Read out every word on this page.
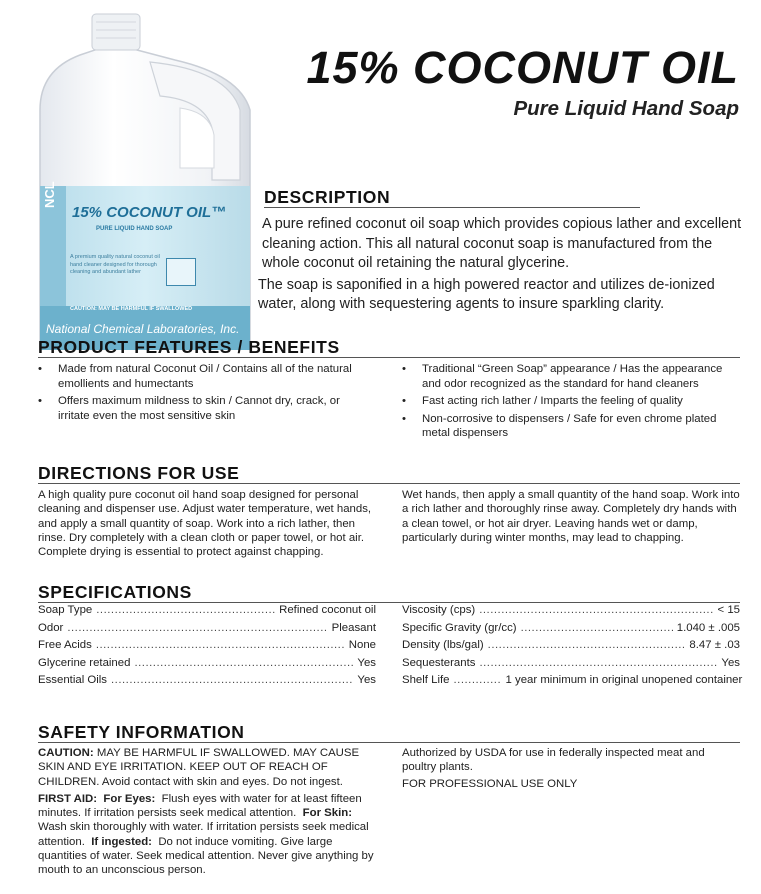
NCL
15% COCONUT OIL™
PURE LIQUID HAND SOAP
A premium quality natural coconut oil hand cleaner designed for thorough cleaning and abundant lather
CAUTION: MAY BE HARMFUL IF SWALLOWED
National Chemical Laboratories, Inc.
15% COCONUT OIL
Pure Liquid Hand Soap
DESCRIPTION

A pure refined coconut oil soap which provides copious lather and excellent cleaning action. This all natural coconut soap is manufactured from the whole coconut oil retaining the natural glycerine.

The soap is saponified in a high powered reactor and utilizes de-ionized water, along with sequestering agents to insure sparkling clarity.

PRODUCT FEATURES / BENEFITS
• Made from natural Coconut Oil / Contains all of the natural emollients and humectants
• Offers maximum mildness to skin / Cannot dry, crack, or irritate even the most sensitive skin
• Traditional “Green Soap” appearance / Has the appearance and odor recognized as the standard for hand cleaners
• Fast acting rich lather / Imparts the feeling of quality
• Non-corrosive to dispensers / Safe for even chrome plated metal dispensers
DIRECTIONS FOR USE
A high quality pure coconut oil hand soap designed for personal cleaning and dispenser use. Adjust water temperature, wet hands, and apply a small quantity of soap. Work into a rich lather, then rinse. Dry completely with a clean cloth or paper towel, or hot air. Complete drying is essential to protect against chapping.
Wet hands, then apply a small quantity of the hand soap. Work into a rich lather and thoroughly rinse away. Completely dry hands with a clean towel, or hot air dryer. Leaving hands wet or damp, particularly during winter months, may lead to chapping.
SPECIFICATIONS
Soap Type .....	Refined coconut oil
Odor .....	Pleasant
Free Acids .....	None
Glycerine retained .....	Yes
Essential Oils .....	Yes
Viscosity (cps) .....	< 15
Specific Gravity (gr/cc) .....	1.040 ± .005
Density (lbs/gal) .....	8.47 ± .03
Sequesterants .....	Yes
Shelf Life .....	1 year minimum in original unopened container
SAFETY INFORMATION

CAUTION: MAY BE HARMFUL IF SWALLOWED. MAY CAUSE SKIN AND EYE IRRITATION. KEEP OUT OF REACH OF CHILDREN. Avoid contact with skin and eyes. Do not ingest.

FIRST AID: For Eyes: Flush eyes with water for at least fifteen minutes. If irritation persists seek medical attention. For Skin: Wash skin thoroughly with water. If irritation persists seek medical attention. If ingested: Do not induce vomiting. Give large quantities of water. Seek medical attention. Never give anything by mouth to an unconscious person.

Authorized by USDA for use in federally inspected meat and poultry plants.
FOR PROFESSIONAL USE ONLY
